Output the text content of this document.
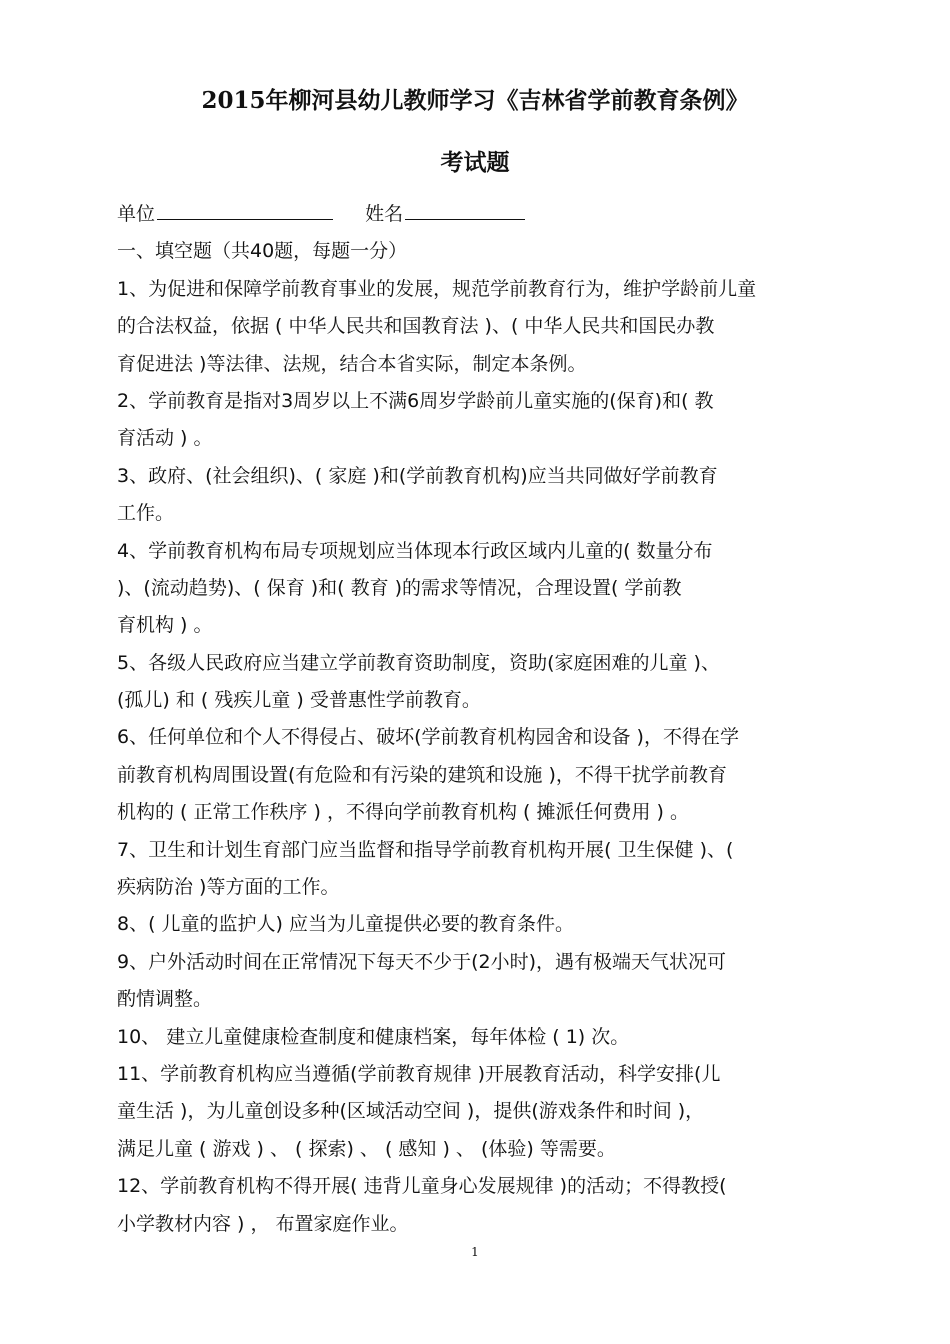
2015年柳河县幼儿教师学习《吉林省学前教育条例》
考试题
单位	姓名
一、填空题（共40题，每题一分）
1、为促进和保障学前教育事业的发展，规范学前教育行为，维护学龄前儿童
的合法权益，依据 ( 中华人民共和国教育法 )、( 中华人民共和国民办教
育促进法 )等法律、法规，结合本省实际，制定本条例。
2、学前教育是指对3周岁以上不满6周岁学龄前儿童实施的(保育)和( 教
育活动 ) 。
3、政府、(社会组织)、( 家庭 )和(学前教育机构)应当共同做好学前教育
工作。
4、学前教育机构布局专项规划应当体现本行政区域内儿童的( 数量分布
)、(流动趋势)、( 保育 )和( 教育 )的需求等情况，合理设置( 学前教
育机构 ) 。
5、各级人民政府应当建立学前教育资助制度，资助(家庭困难的儿童 )、
(孤儿) 和 ( 残疾儿童 ) 受普惠性学前教育。
6、任何单位和个人不得侵占、破坏(学前教育机构园舍和设备 )，不得在学
前教育机构周围设置(有危险和有污染的建筑和设施 )，不得干扰学前教育
机构的 ( 正常工作秩序 ) ，不得向学前教育机构 ( 摊派任何费用 ) 。
7、卫生和计划生育部门应当监督和指导学前教育机构开展( 卫生保健 )、(
疾病防治 )等方面的工作。
8、( 儿童的监护人) 应当为儿童提供必要的教育条件。
9、户外活动时间在正常情况下每天不少于(2小时)，遇有极端天气状况可
酌情调整。
10、 建立儿童健康检查制度和健康档案，每年体检 ( 1) 次。
11、学前教育机构应当遵循(学前教育规律 )开展教育活动，科学安排(儿
童生活 )，为儿童创设多种(区域活动空间 )，提供(游戏条件和时间 )，
满足儿童 ( 游戏 ) 、 ( 探索) 、 ( 感知 ) 、 (体验) 等需要。
12、学前教育机构不得开展( 违背儿童身心发展规律 )的活动；不得教授(
小学教材内容 ) ， 布置家庭作业。
1
